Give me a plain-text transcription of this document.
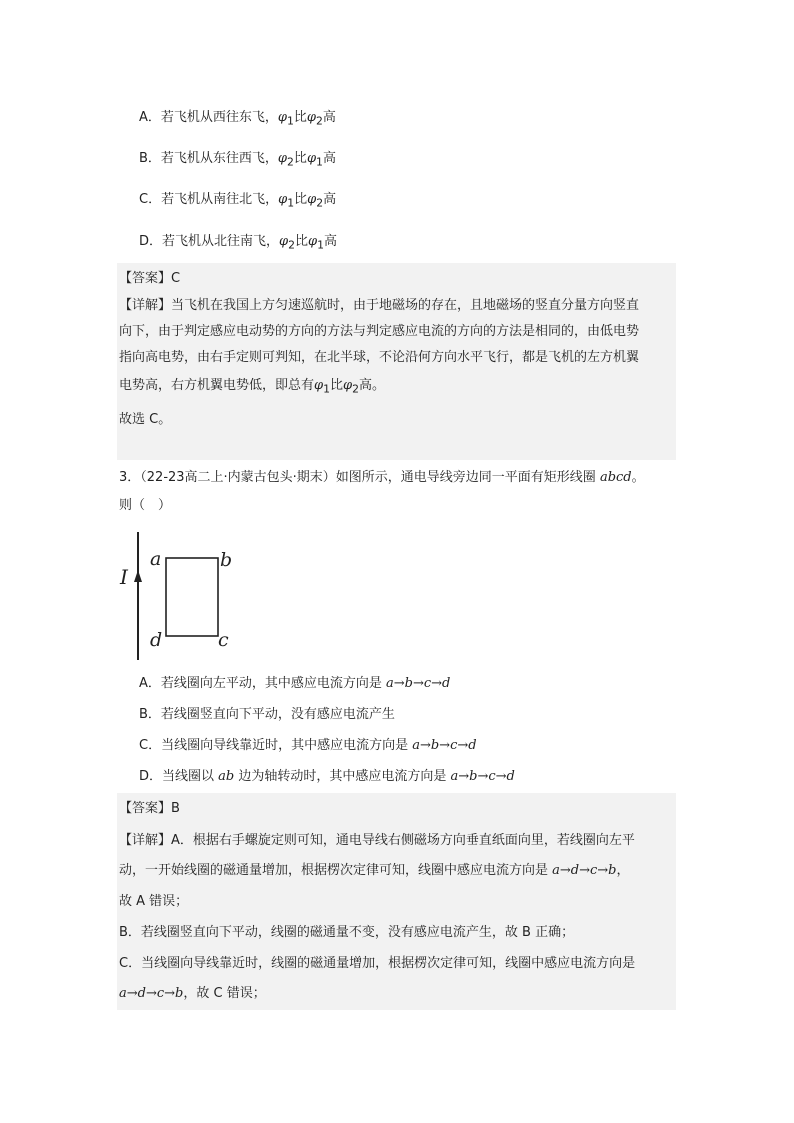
A．若飞机从西往东飞，$\varphi_1$比$\varphi_2$高
B．若飞机从东往西飞，$\varphi_2$比$\varphi_1$高
C．若飞机从南往北飞，$\varphi_1$比$\varphi_2$高
D．若飞机从北往南飞，$\varphi_2$比$\varphi_1$高
【答案】C
【详解】当飞机在我国上方匀速巡航时，由于地磁场的存在，且地磁场的竖直分量方向竖直
向下，由于判定感应电动势的方向的方法与判定感应电流的方向的方法是相同的，由低电势
指向高电势，由右手定则可判知，在北半球，不论沿何方向水平飞行，都是飞机的左方机翼
电势高，右方机翼电势低，即总有$\varphi_1$比$\varphi_2$高。
故选 C。
3．（22-23高二上·内蒙古包头·期末）如图所示，通电导线旁边同一平面有矩形线圈 abcd。
则（　）
I
a	b
c
d
A．若线圈向左平动，其中感应电流方向是 a→b→c→d
B．若线圈竖直向下平动，没有感应电流产生
C．当线圈向导线靠近时，其中感应电流方向是 a→b→c→d
D．当线圈以 ab 边为轴转动时，其中感应电流方向是 a→b→c→d
【答案】B
【详解】A．根据右手螺旋定则可知，通电导线右侧磁场方向垂直纸面向里，若线圈向左平
动，一开始线圈的磁通量增加，根据楞次定律可知，线圈中感应电流方向是 a→d→c→b，
故 A 错误；
B．若线圈竖直向下平动，线圈的磁通量不变，没有感应电流产生，故 B 正确；
C．当线圈向导线靠近时，线圈的磁通量增加，根据楞次定律可知，线圈中感应电流方向是
a→d→c→b，故 C 错误；
